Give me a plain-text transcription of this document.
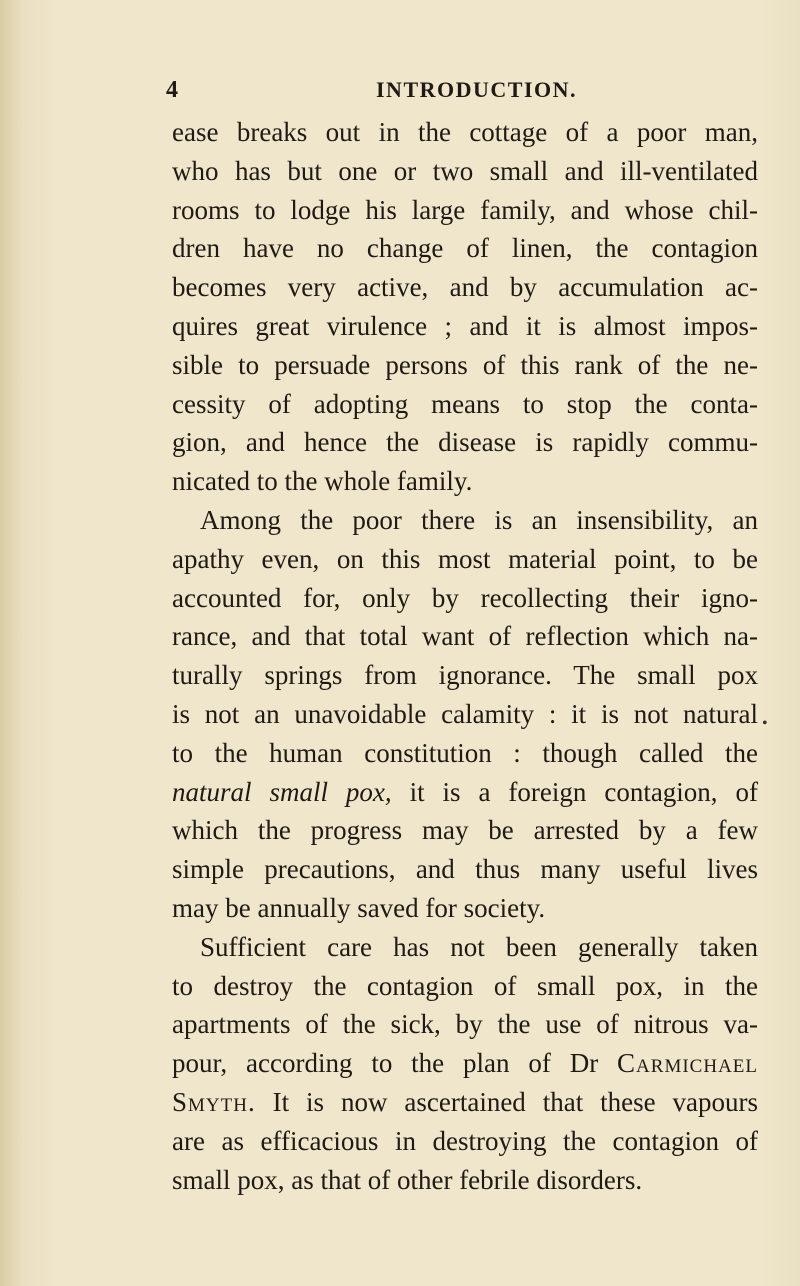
4	INTRODUCTION.
ease breaks out in the cottage of a poor man,
who has but one or two small and ill-ventilated
rooms to lodge his large family, and whose chil-
dren have no change of linen, the contagion
becomes very active, and by accumulation ac-
quires great virulence ; and it is almost impos-
sible to persuade persons of this rank of the ne-
cessity of adopting means to stop the conta-
gion, and hence the disease is rapidly commu-
nicated to the whole family.
Among the poor there is an insensibility, an
apathy even, on this most material point, to be
accounted for, only by recollecting their igno-
rance, and that total want of reflection which na-
turally springs from ignorance. The small pox
is not an unavoidable calamity : it is not natural
to the human constitution : though called the
natural small pox, it is a foreign contagion, of
which the progress may be arrested by a few
simple precautions, and thus many useful lives
may be annually saved for society.
Sufficient care has not been generally taken
to destroy the contagion of small pox, in the
apartments of the sick, by the use of nitrous va-
pour, according to the plan of Dr Carmichael
Smyth. It is now ascertained that these vapours
are as efficacious in destroying the contagion of
small pox, as that of other febrile disorders.
•
